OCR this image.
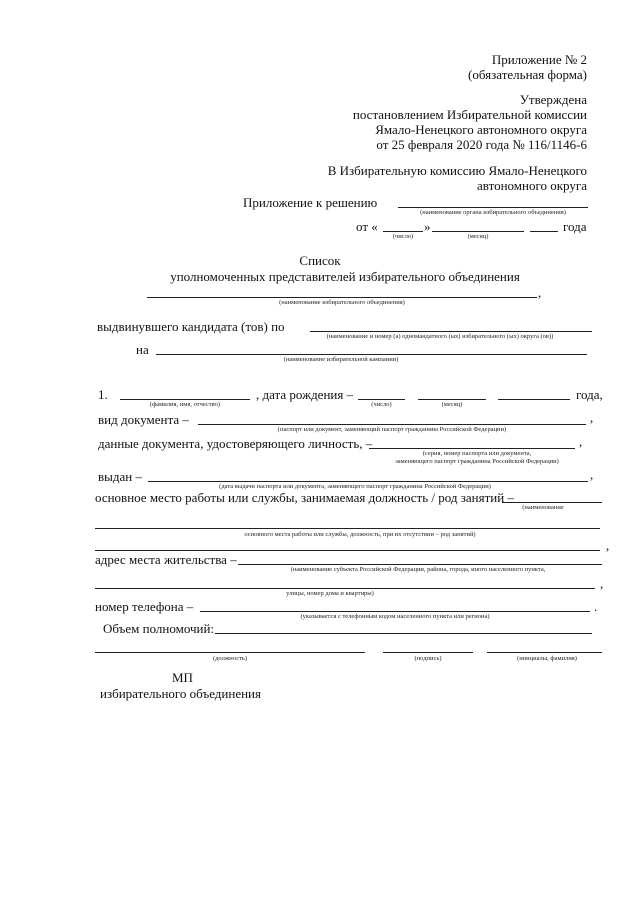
Приложение № 2
(обязательная форма)
Утверждена
постановлением Избирательной комиссии
Ямало-Ненецкого автономного округа
от 25 февраля 2020 года № 116/1146-6
В Избирательную комиссию Ямало-Ненецкого
автономного округа
Приложение к решению
(наименование органа избирательного объединения)
от «	»	года
(число)	(месяц)
Список
уполномоченных представителей избирательного объединения
,
(наименование избирательного объединения)
выдвинувшего кандидата (тов) по
(наименование и номер (а) одномандатного (ых) избирательного (ых) округа (ов))
на
(наименование избирательной кампании)
1.	, дата рождения –	года,
(фамилия, имя, отчество)	(число)	(месяц)
вид документа –	,
(паспорт или документ, заменяющий паспорт гражданина Российской Федерации)
данные документа, удостоверяющего личность, –	,
(серия, номер паспорта или документа,
заменяющего паспорт гражданина Российской Федерации)
выдан –	,
(дата выдачи паспорта или документа, заменяющего паспорт гражданина Российской Федерации)
основное место работы или службы, занимаемая должность / род занятий –
(наименование
основного места работы или службы, должность, при их отсутствии – род занятий)
,
адрес места жительства –
(наименование субъекта Российской Федерации, района, города, иного населенного пункта,
,
улицы, номер дома и квартиры)
номер телефона –	.
(указывается с телефонным кодом населенного пункта или региона)
Объем полномочий:
(должность)	(подпись)	(инициалы, фамилия)
МП
избирательного объединения
